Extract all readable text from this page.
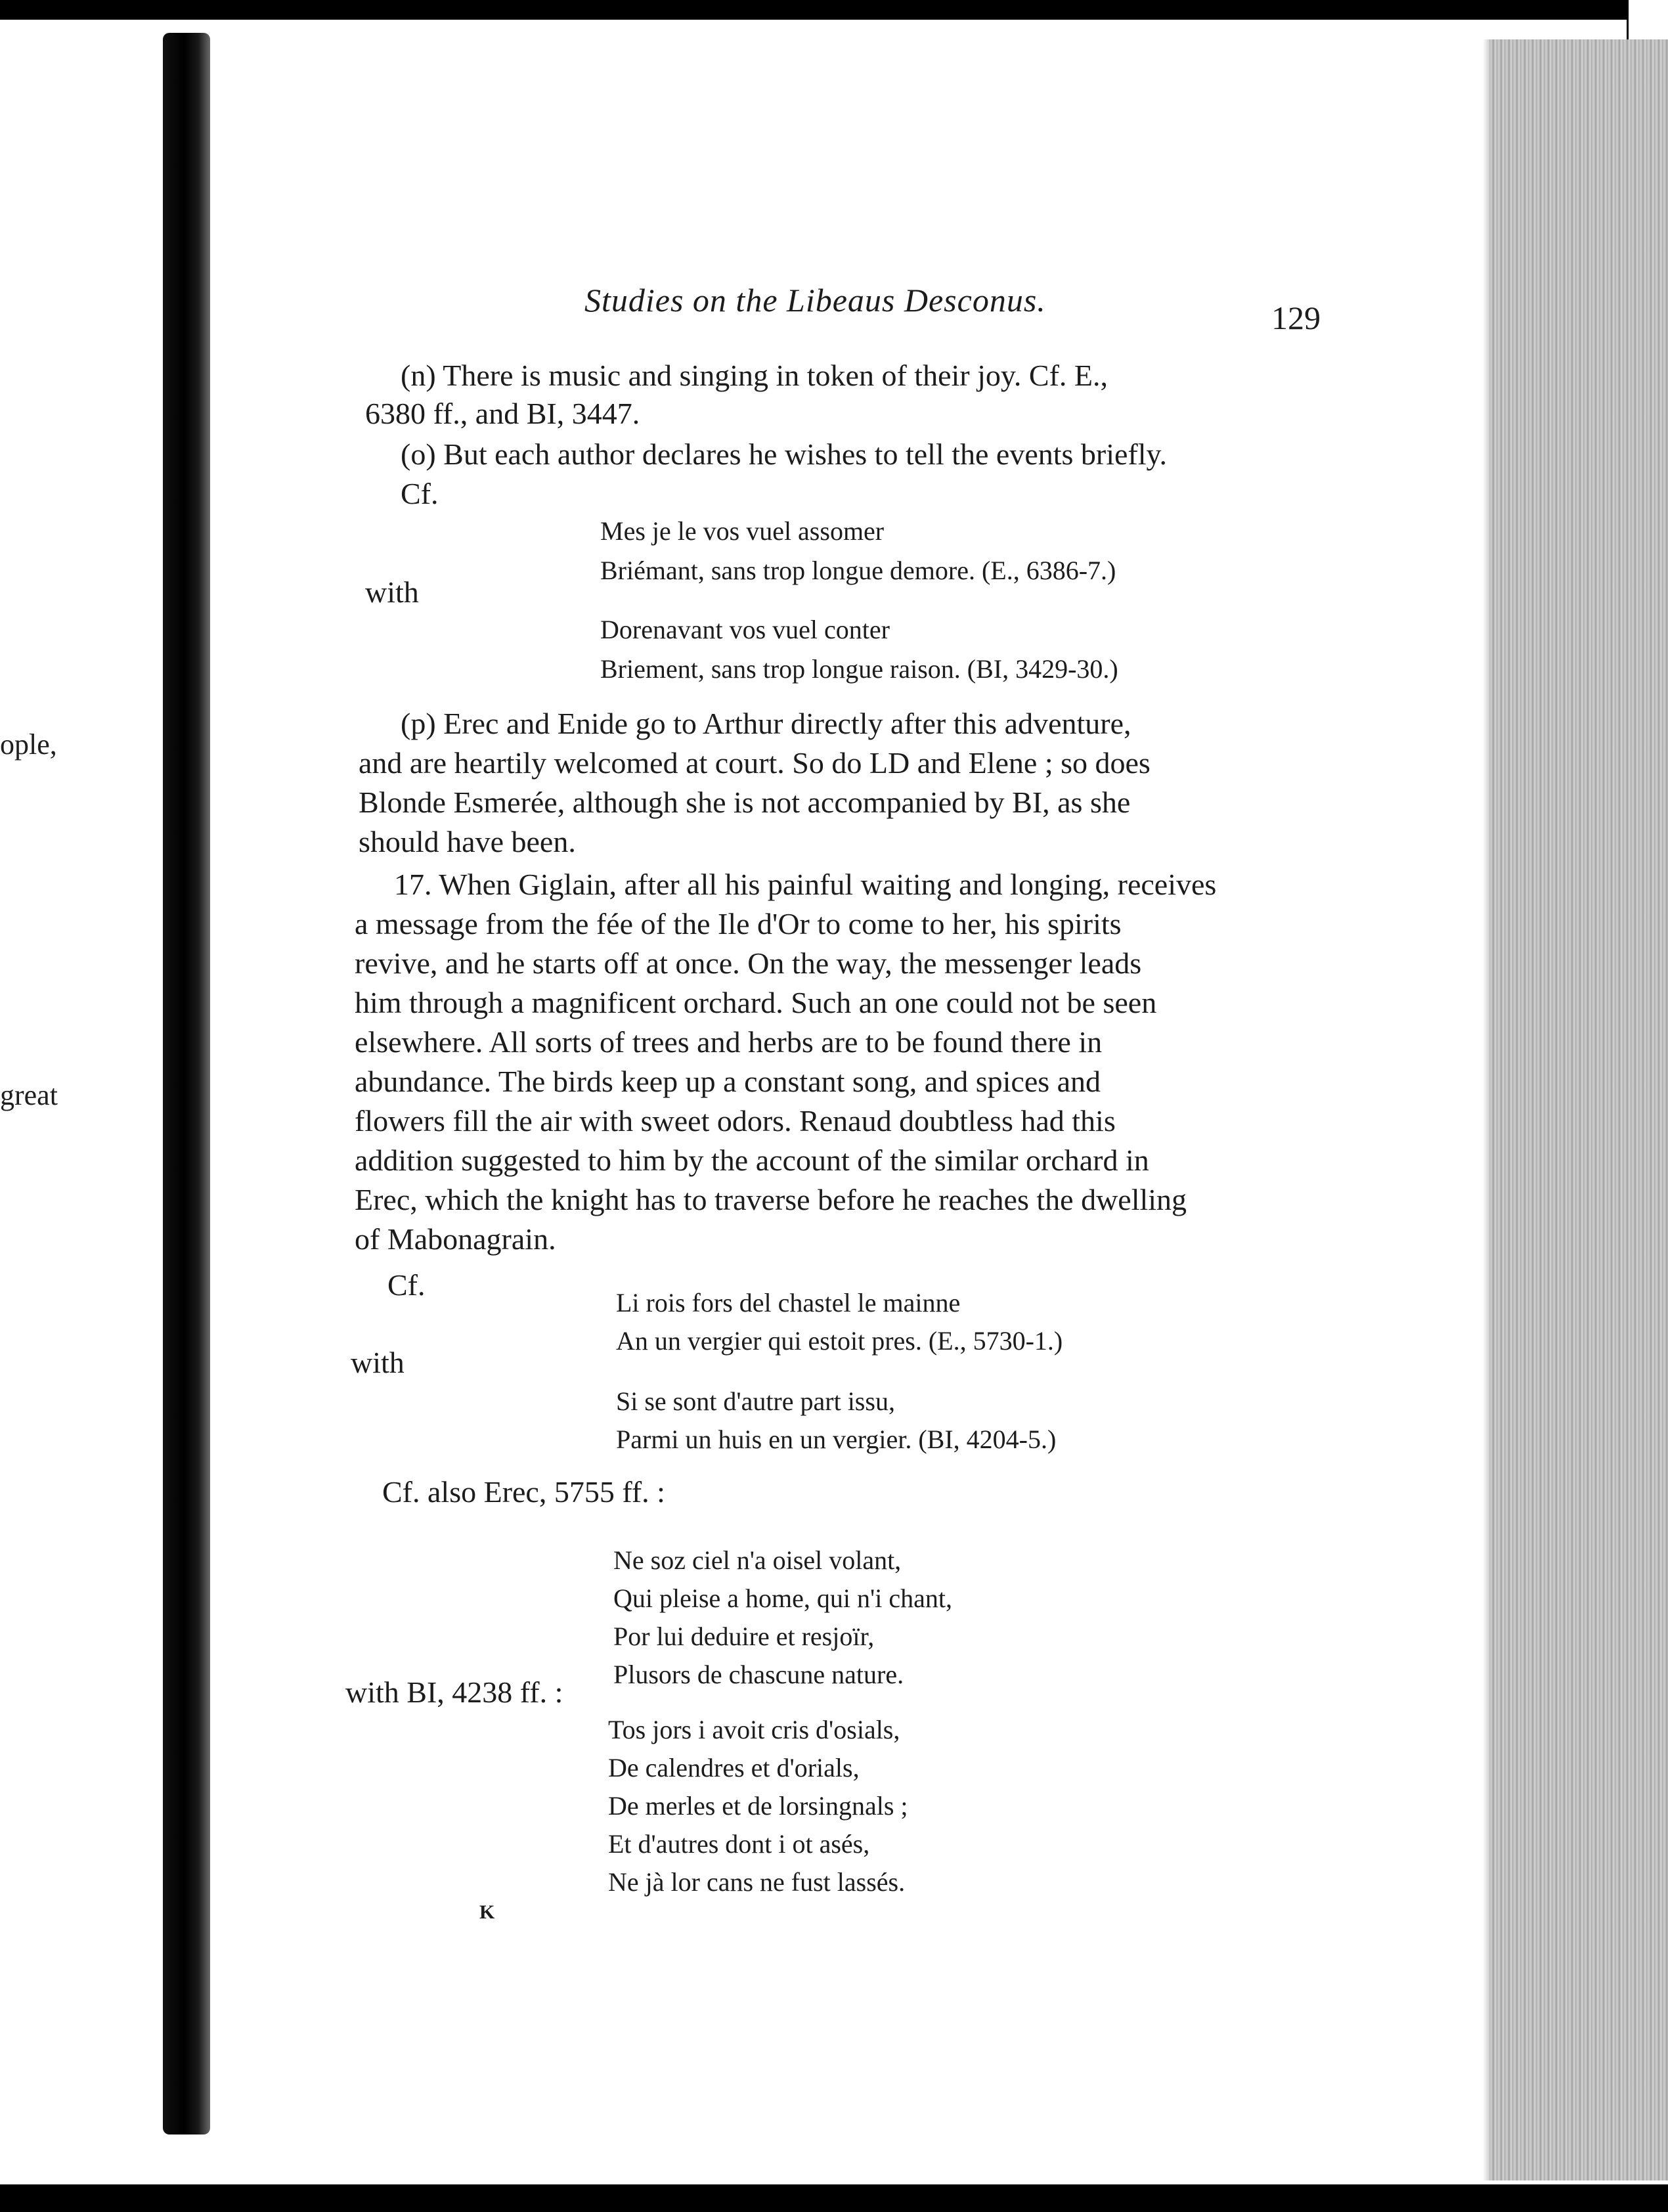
ople,
great
Studies on the Libeaus Desconus.	129
(n) There is music and singing in token of their joy. Cf. E.,
6380 ff., and BI, 3447.
(o) But each author declares he wishes to tell the events briefly.
Cf.
Mes je le vos vuel assomer
Briémant, sans trop longue demore. (E., 6386-7.)
with
Dorenavant vos vuel conter
Briement, sans trop longue raison. (BI, 3429-30.)
(p) Erec and Enide go to Arthur directly after this adventure,
and are heartily welcomed at court. So do LD and Elene ; so does
Blonde Esmerée, although she is not accompanied by BI, as she
should have been.
17. When Giglain, after all his painful waiting and longing, receives
a message from the fée of the Ile d'Or to come to her, his spirits
revive, and he starts off at once. On the way, the messenger leads
him through a magnificent orchard. Such an one could not be seen
elsewhere. All sorts of trees and herbs are to be found there in
abundance. The birds keep up a constant song, and spices and
flowers fill the air with sweet odors. Renaud doubtless had this
addition suggested to him by the account of the similar orchard in
Erec, which the knight has to traverse before he reaches the dwelling
of Mabonagrain.
Cf.
Li rois fors del chastel le mainne
An un vergier qui estoit pres. (E., 5730-1.)
with
Si se sont d'autre part issu,
Parmi un huis en un vergier. (BI, 4204-5.)
Cf. also Erec, 5755 ff. :
Ne soz ciel n'a oisel volant,
Qui pleise a home, qui n'i chant,
Por lui deduire et resjoïr,
Plusors de chascune nature.
with BI, 4238 ff. :
Tos jors i avoit cris d'osials,
De calendres et d'orials,
De merles et de lorsingnals ;
Et d'autres dont i ot asés,
Ne jà lor cans ne fust lassés.
K
